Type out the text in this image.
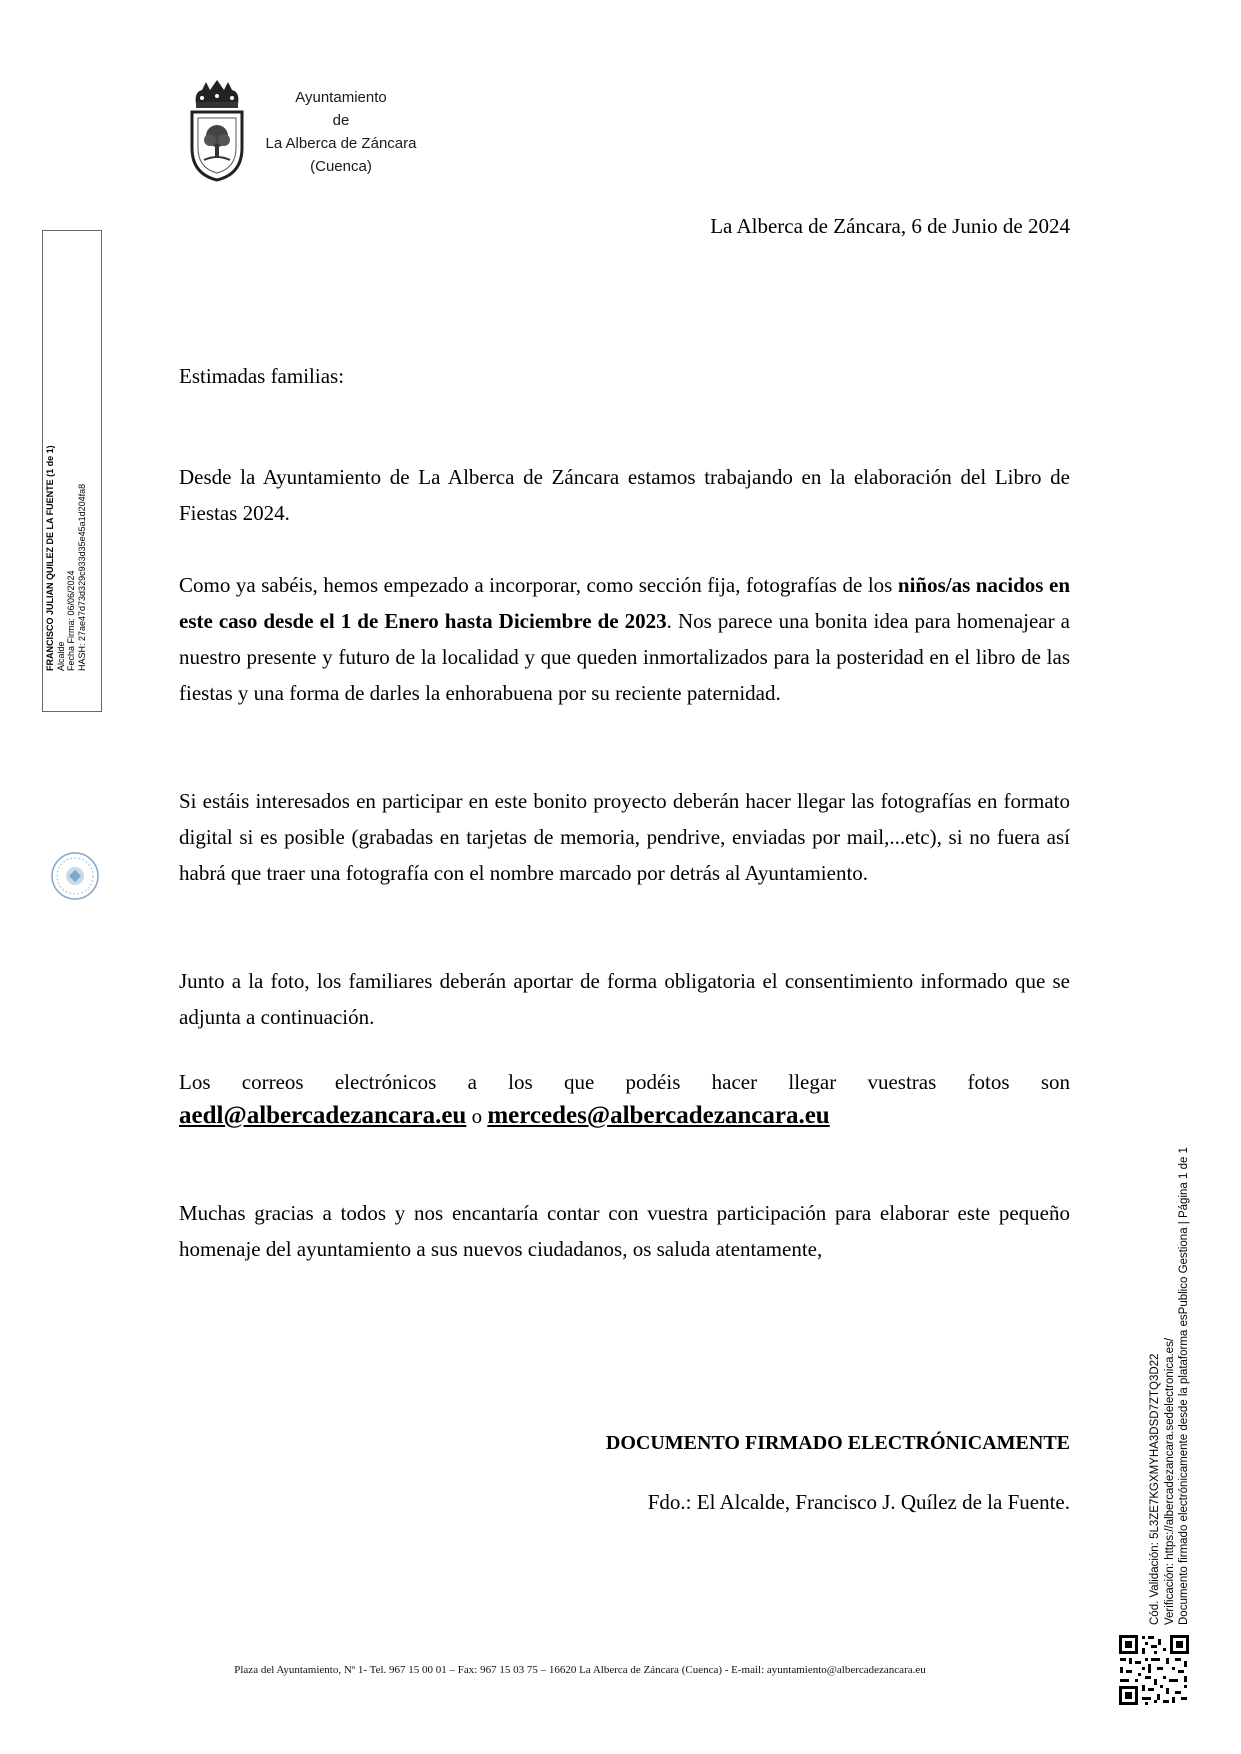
Ayuntamiento
de
La Alberca de Záncara
(Cuenca)
La Alberca de Záncara, 6 de Junio de 2024
Estimadas familias:
Desde la Ayuntamiento de La Alberca de Záncara estamos trabajando en la elaboración del Libro de Fiestas 2024.
Como ya sabéis, hemos empezado a incorporar, como sección fija, fotografías de los niños/as nacidos en este caso desde el 1 de Enero hasta Diciembre de 2023. Nos parece una bonita idea para homenajear a nuestro presente y futuro de la localidad y que queden inmortalizados para la posteridad en el libro de las fiestas y una forma de darles la enhorabuena por su reciente paternidad.
Si estáis interesados en participar en este bonito proyecto deberán hacer llegar las fotografías en formato digital si es posible (grabadas en tarjetas de memoria, pendrive, enviadas por mail,...etc), si no fuera así habrá que traer una fotografía con el nombre marcado por detrás al Ayuntamiento.
Junto a la foto, los familiares deberán aportar de forma obligatoria el consentimiento informado que se adjunta a continuación.
Los correos electrónicos a los que podéis hacer llegar vuestras fotos son
aedl@albercadezancara.eu o mercedes@albercadezancara.eu
Muchas gracias a todos y nos encantaría contar con vuestra participación para elaborar este pequeño homenaje del ayuntamiento a sus nuevos ciudadanos, os saluda atentamente,
DOCUMENTO FIRMADO ELECTRÓNICAMENTE
Fdo.: El Alcalde, Francisco J. Quílez de la Fuente.
FRANCISCO JULIAN QUILEZ DE LA FUENTE (1 de 1) Alcalde Fecha Firma: 06/06/2024 HASH: 27ae47d73d329c933d35e45a1d204fa8
Cód. Validación: 5L3ZE7KGXMYHA3DSD7ZTQ3D22 Verificación: https://albercadezancara.sedelectronica.es/ Documento firmado electrónicamente desde la plataforma esPublico Gestiona | Página 1 de 1
Plaza del Ayuntamiento, Nº 1- Tel. 967 15 00 01 – Fax: 967 15 03 75 – 16620 La Alberca de Záncara (Cuenca) - E-mail: ayuntamiento@albercadezancara.eu
